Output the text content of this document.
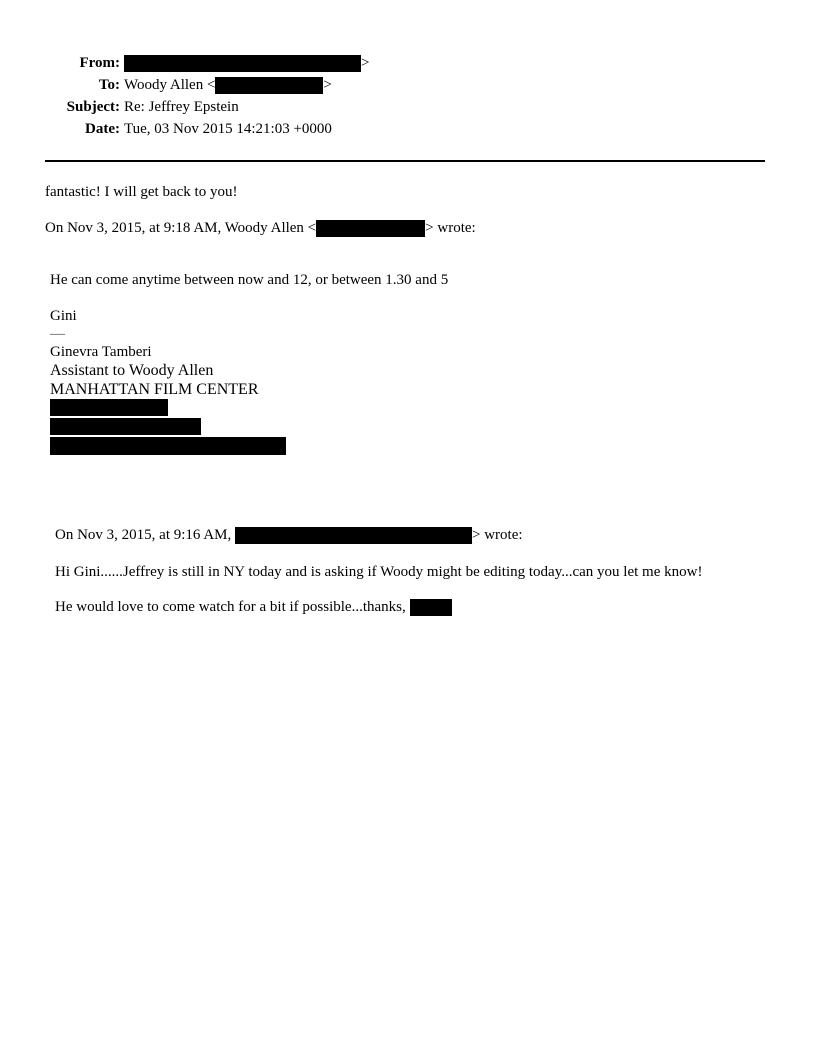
From:	>
To: Woody Allen <	>
Subject: Re: Jeffrey Epstein
Date: Tue, 03 Nov 2015 14:21:03 +0000
fantastic! I will get back to you!
On Nov 3, 2015, at 9:18 AM, Woody Allen <	> wrote:
He can come anytime between now and 12, or between 1.30 and 5
Gini
—
Ginevra Tamberi
Assistant to Woody Allen
MANHATTAN FILM CENTER
On Nov 3, 2015, at 9:16 AM,	> wrote:
Hi Gini......Jeffrey is still in NY today and is asking if Woody might be editing today...can you let me know!
He would love to come watch for a bit if possible...thanks,
